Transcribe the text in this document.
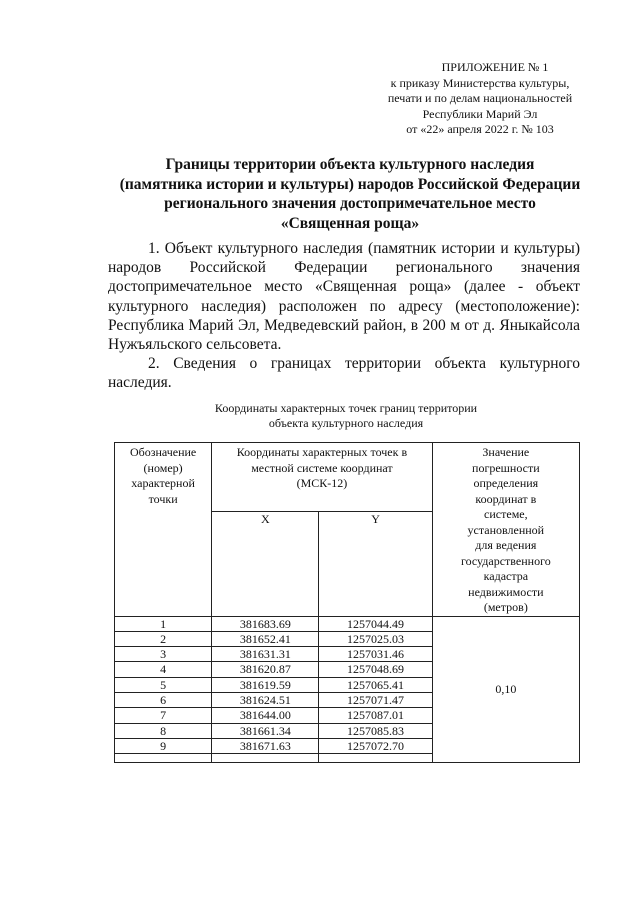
ПРИЛОЖЕНИЕ № 1
к приказу Министерства культуры,
печати и по делам национальностей
Республики Марий Эл
от «22» апреля 2022 г. № 103
Границы территории объекта культурного наследия
(памятника истории и культуры) народов Российской Федерации
регионального значения достопримечательное место
«Священная роща»

1. Объект культурного наследия (памятник истории и культуры) народов Российской Федерации регионального значения достопримечательное место «Священная роща» (далее - объект культурного наследия) расположен по адресу (местоположение): Республика Марий Эл, Медведевский район, в 200 м от д. Яныкайсола Нужъяльского сельсовета.

2. Сведения о границах территории объекта культурного наследия.

Координаты характерных точек границ территории
объекта культурного наследия
Обозначение (номер) характерной точки	Координаты характерных точек в местной системе координат (МСК-12)		Значение погрешности определения координат в системе, установленной для ведения государственного кадастра недвижимости (метров)
	X	Y	
1	381683.69	1257044.49	0,10
2	381652.41	1257025.03	
3	381631.31	1257031.46	
4	381620.87	1257048.69	
5	381619.59	1257065.41	
6	381624.51	1257071.47	
7	381644.00	1257087.01	
8	381661.34	1257085.83	
9	381671.63	1257072.70	
